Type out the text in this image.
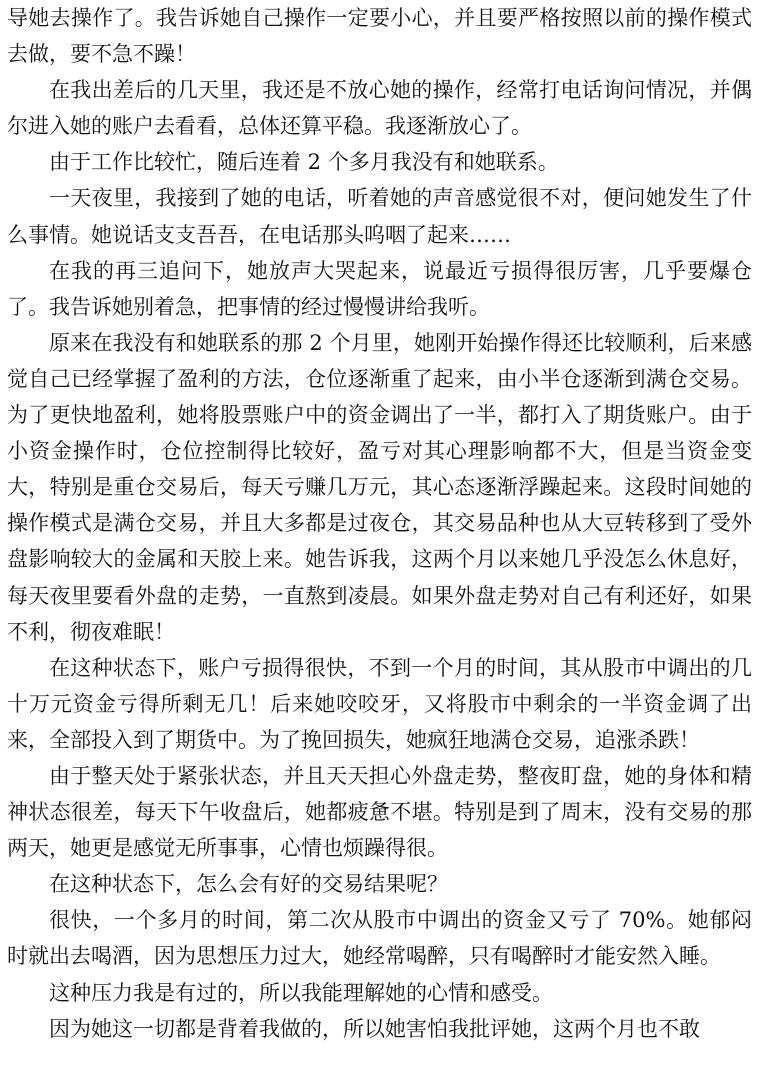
导她去操作了。我告诉她自己操作一定要小心，并且要严格按照以前的操作模式去做，要不急不躁！

在我出差后的几天里，我还是不放心她的操作，经常打电话询问情况，并偶尔进入她的账户去看看，总体还算平稳。我逐渐放心了。

由于工作比较忙，随后连着 2 个多月我没有和她联系。

一天夜里，我接到了她的电话，听着她的声音感觉很不对，便问她发生了什么事情。她说话支支吾吾，在电话那头呜咽了起来……

在我的再三追问下，她放声大哭起来，说最近亏损得很厉害，几乎要爆仓了。我告诉她别着急，把事情的经过慢慢讲给我听。

原来在我没有和她联系的那 2 个月里，她刚开始操作得还比较顺利，后来感觉自己已经掌握了盈利的方法，仓位逐渐重了起来，由小半仓逐渐到满仓交易。为了更快地盈利，她将股票账户中的资金调出了一半，都打入了期货账户。由于小资金操作时，仓位控制得比较好，盈亏对其心理影响都不大，但是当资金变大，特别是重仓交易后，每天亏赚几万元，其心态逐渐浮躁起来。这段时间她的操作模式是满仓交易，并且大多都是过夜仓，其交易品种也从大豆转移到了受外盘影响较大的金属和天胶上来。她告诉我，这两个月以来她几乎没怎么休息好，每天夜里要看外盘的走势，一直熬到凌晨。如果外盘走势对自己有利还好，如果不利，彻夜难眠！

在这种状态下，账户亏损得很快，不到一个月的时间，其从股市中调出的几十万元资金亏得所剩无几！后来她咬咬牙，又将股市中剩余的一半资金调了出来，全部投入到了期货中。为了挽回损失，她疯狂地满仓交易，追涨杀跌！

由于整天处于紧张状态，并且天天担心外盘走势，整夜盯盘，她的身体和精神状态很差，每天下午收盘后，她都疲惫不堪。特别是到了周末，没有交易的那两天，她更是感觉无所事事，心情也烦躁得很。

在这种状态下，怎么会有好的交易结果呢？

很快，一个多月的时间，第二次从股市中调出的资金又亏了 70%。她郁闷时就出去喝酒，因为思想压力过大，她经常喝醉，只有喝醉时才能安然入睡。

这种压力我是有过的，所以我能理解她的心情和感受。

因为她这一切都是背着我做的，所以她害怕我批评她，这两个月也不敢
